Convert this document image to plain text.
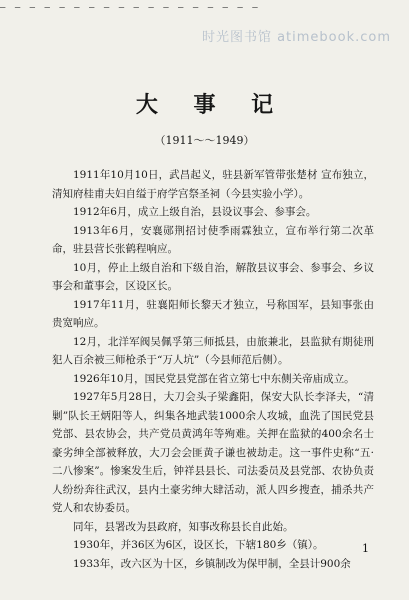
— — — — — — — — — — — — — — — — — —
时光图书馆 atimebook.com
大 事 记
（1911～～1949）

1911年10月10日，武昌起义，驻县新军管带张楚材 宣布独立，清知府桂甫夫妇自缢于府学宫祭圣祠（今县实验小学）。

1912年6月，成立上级自治，县设议事会、参事会。

1913年6月，安襄郧荆招讨使季雨霖独立，宣布举行第二次革命，驻县营长张鹤程响应。

10月，停止上级自治和下级自治，解散县议事会、参事会、乡议事会和董事会，区设区长。

1917年11月，驻襄阳师长黎天才独立，号称国军，县知事张由贵宽响应。

12月，北洋军阀吴佩孚第三师抵县，由旅兼北，县监狱有期徒刑犯人百余被三师枪杀于“万人坑”（今县师范后侧）。

1926年10月，国民党县党部在省立第七中东侧关帝庙成立。

1927年5月28日，大刀会头子梁鑫阳，保安大队长李泽夫，“清剿”队长王炳阳等人，纠集各地武装1000余人攻城，血洗了国民党县党部、县农协会，共产党员黄鸿年等殉难。关押在监狱的400余名士豪劣绅全部被释放，大刀会会匪黄子谦也被劫走。这一事件史称“五·二八惨案”。惨案发生后，钟祥县县长、司法委员及县党部、农协负责人纷纷奔往武汉，县内土豪劣绅大肆活动，派人四乡搜查，捕杀共产党人和农协委员。

同年，县署改为县政府，知事改称县长自此始。

1930年，并36区为6区，设区长，下辖180乡（镇）。

1933年，改六区为十区，乡镇制改为保甲制，全县计900余

1
